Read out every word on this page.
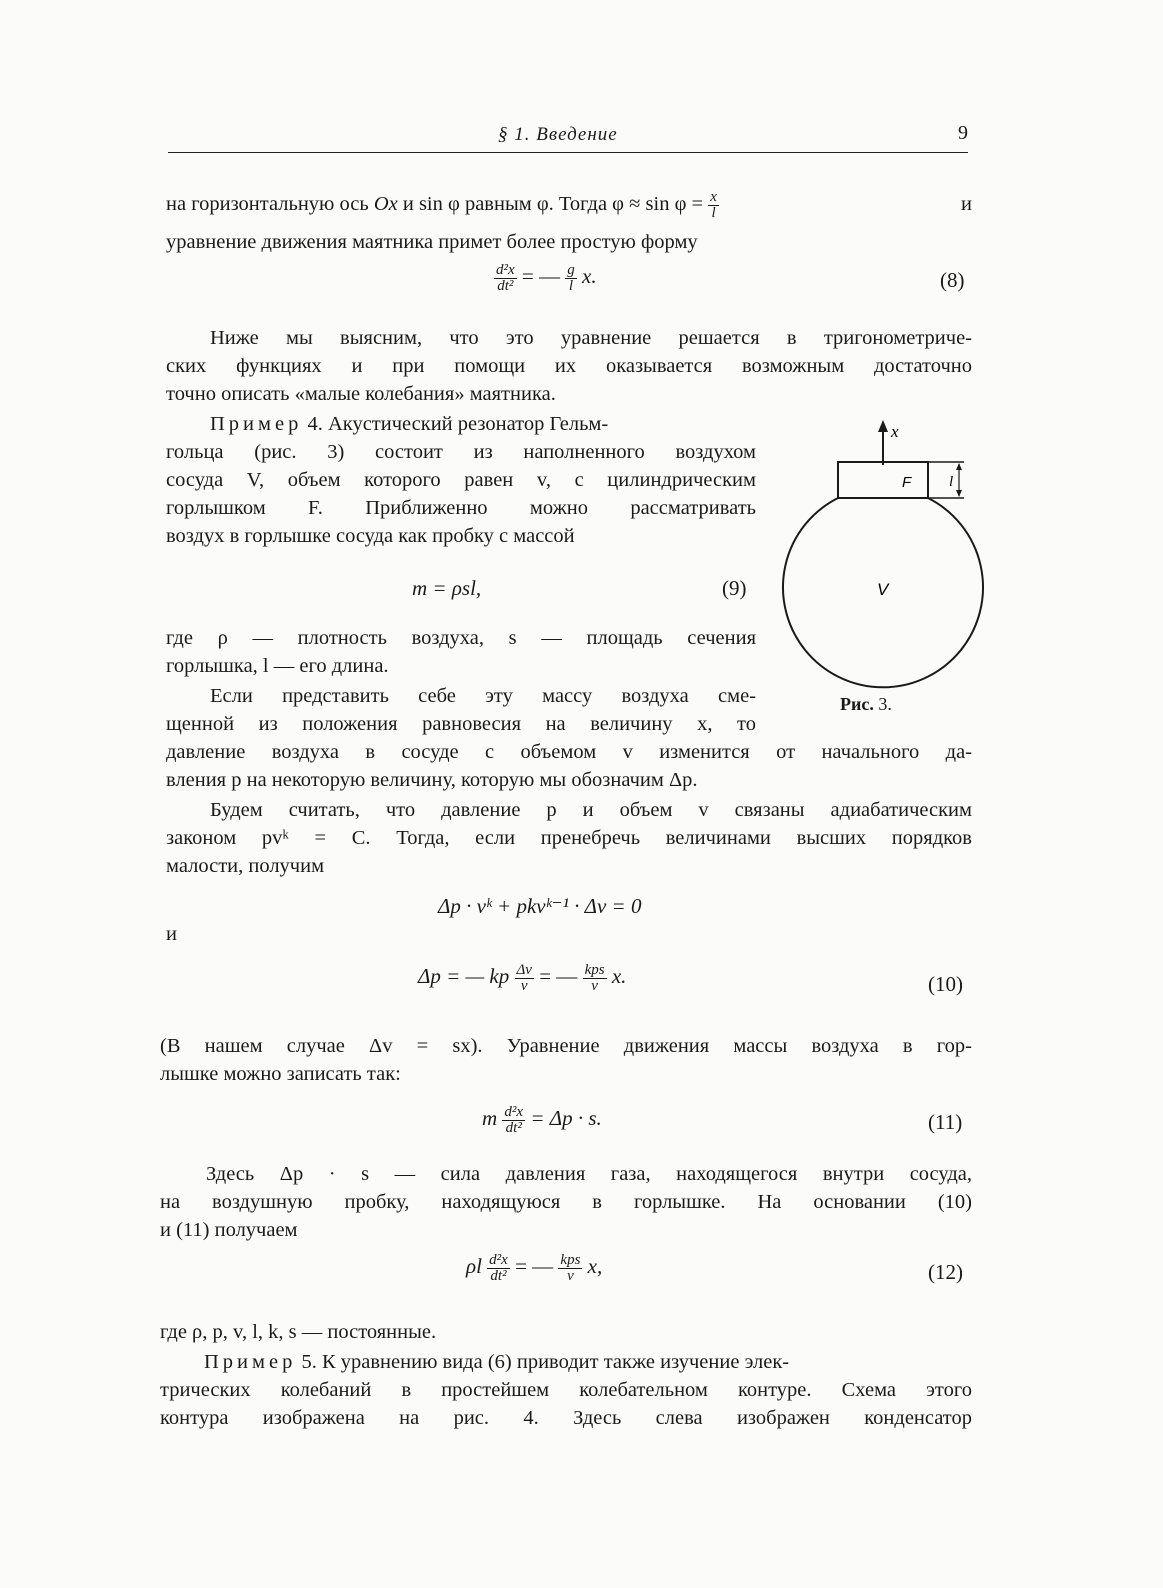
§ 1. Введение	9
на горизонтальную ось Ox и sin φ равным φ. Тогда $\varphi \approx \sin \varphi = \frac{x}{l}$	и
уравнение движения маятника примет более простую форму
$\frac{\text{d²x}}{\text{dt²}}$ = — $\frac{g}{l} x$.	(8)
Ниже мы выясним, что это уравнение решается в тригонометриче-
ских функциях и при помощи их оказывается возможным достаточно
точно описать «малые колебания» маятника.
Пример 4. Акустический резонатор Гельм-
гольца (рис. 3) состоит из наполненного воздухом
сосуда V, объем которого равен v, с цилиндрическим
горлышком F. Приближенно можно рассматривать
воздух в горлышке сосуда как пробку с массой
m = ρsl,	(9)
где ρ — плотность воздуха, s — площадь сечения
горлышка, l — его длина.
Если представить себе эту массу воздуха сме-
щенной из положения равновесия на величину x, то
давление воздуха в сосуде с объемом v изменится от начального да-
вления p на некоторую величину, которую мы обозначим Δp.
Будем считать, что давление p и объем v связаны адиабатическим
законом pvᵏ = C. Тогда, если пренебречь величинами высших порядков
малости, получим
Δp · vᵏ + pkvᵏ⁻¹ · Δv = 0
и
Δp = — kp $\frac{\Delta v}{v}$ = — $\frac{\text{kps}}{v} x$.	(10)
(В нашем случае Δv = sx). Уравнение движения массы воздуха в гор-
лышке можно записать так:
m $\frac{\text{d²x}}{\text{dt²}} = \Delta p \cdot s$.	(11)
Здесь Δp · s — сила давления газа, находящегося внутри сосуда,
на воздушную пробку, находящуюся в горлышке. На основании (10)
и (11) получаем
ρl $\frac{\text{d²x}}{\text{dt²}}$ = — $\frac{\text{kps}}{v} x$,	(12)
где ρ, p, v, l, k, s — постоянные.
Пример 5. К уравнению вида (6) приводит также изучение элек-
трических колебаний в простейшем колебательном контуре. Схема этого
контура изображена на рис. 4. Здесь слева изображен конденсатор
x
F	l
V
Рис. 3.
